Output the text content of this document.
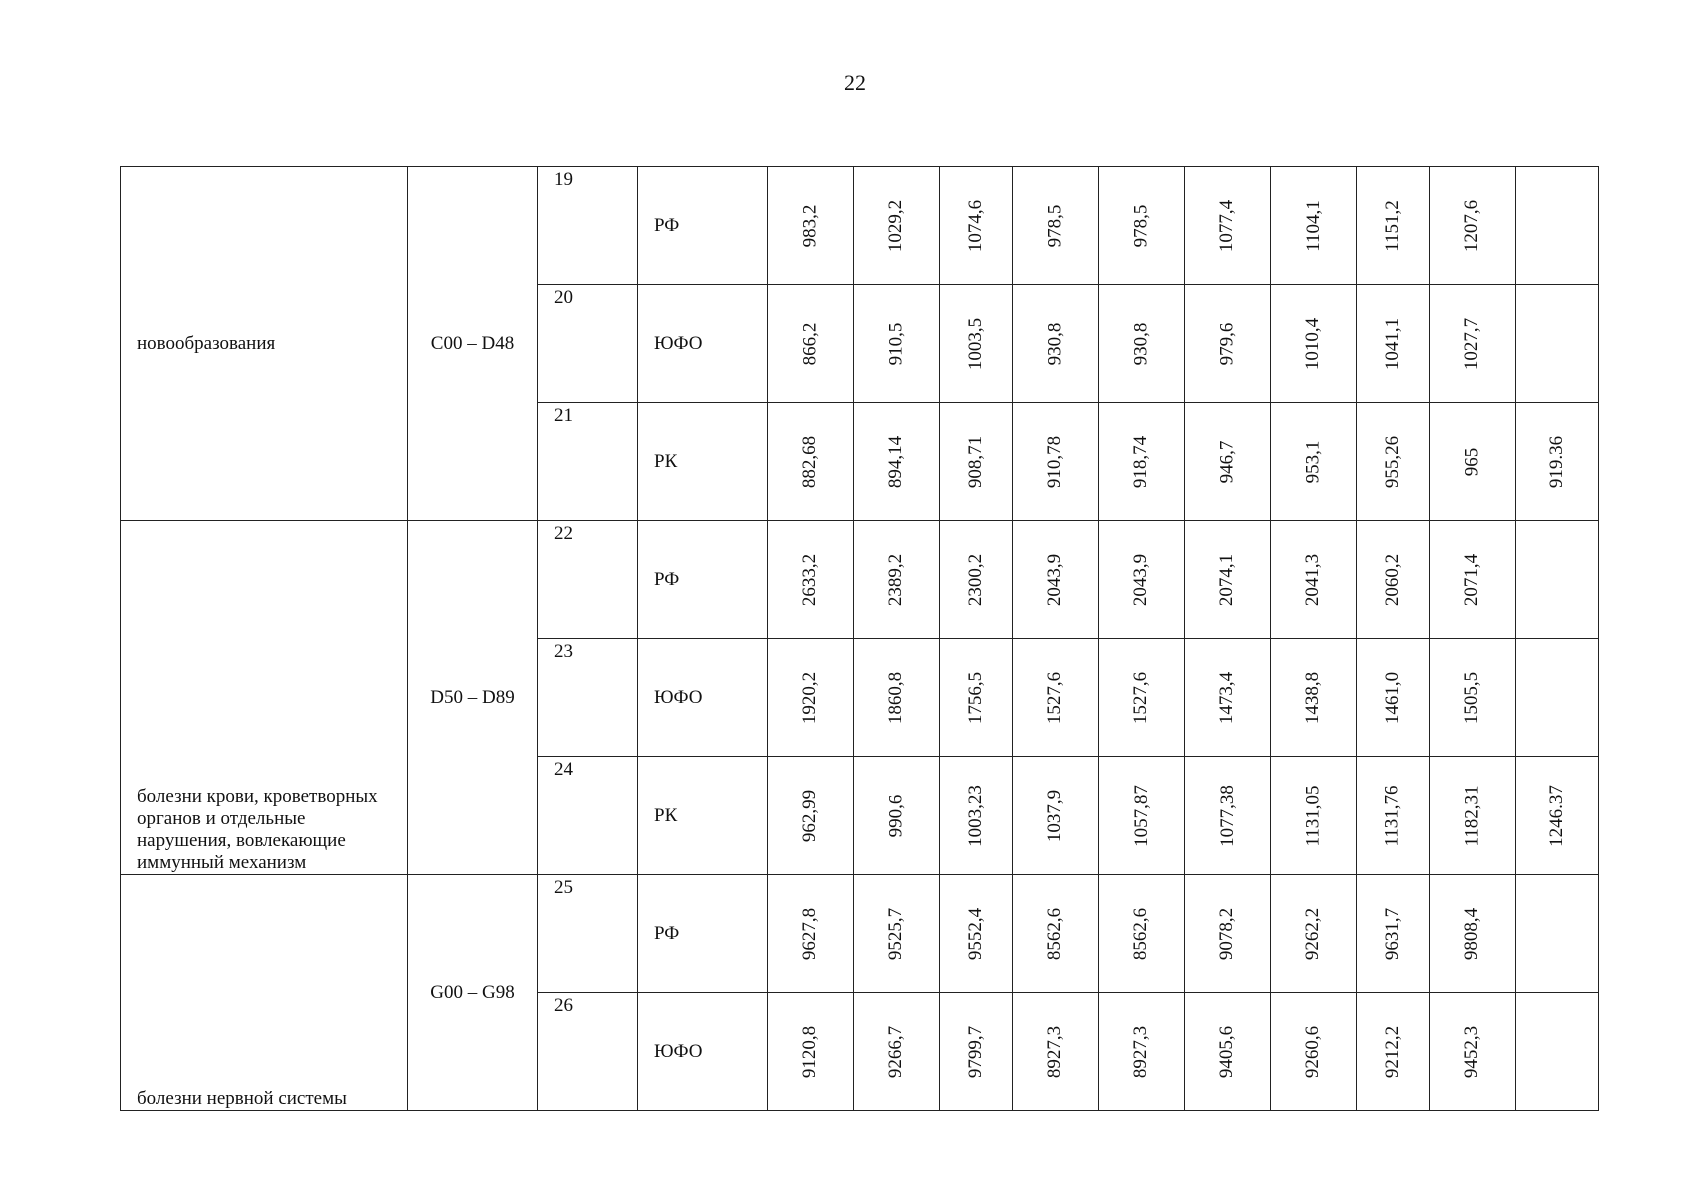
22
новообразования	C00 – D48	19	РФ	983,2	1029,2	1074,6	978,5	978,5	1077,4	1104,1	1151,2	1207,6	
		20	ЮФО	866,2	910,5	1003,5	930,8	930,8	979,6	1010,4	1041,1	1027,7	
		21	РК	882,68	894,14	908,71	910,78	918,74	946,7	953,1	955,26	965	919.36
болезни крови, кроветворных органов и отдельные нарушения, вовлекающие иммунный механизм	D50 – D89	22	РФ	2633,2	2389,2	2300,2	2043,9	2043,9	2074,1	2041,3	2060,2	2071,4	
		23	ЮФО	1920,2	1860,8	1756,5	1527,6	1527,6	1473,4	1438,8	1461,0	1505,5	
		24	РК	962,99	990,6	1003,23	1037,9	1057,87	1077,38	1131,05	1131,76	1182,31	1246.37
болезни нервной системы	G00 – G98	25	РФ	9627,8	9525,7	9552,4	8562,6	8562,6	9078,2	9262,2	9631,7	9808,4	
		26	ЮФО	9120,8	9266,7	9799,7	8927,3	8927,3	9405,6	9260,6	9212,2	9452,3	
